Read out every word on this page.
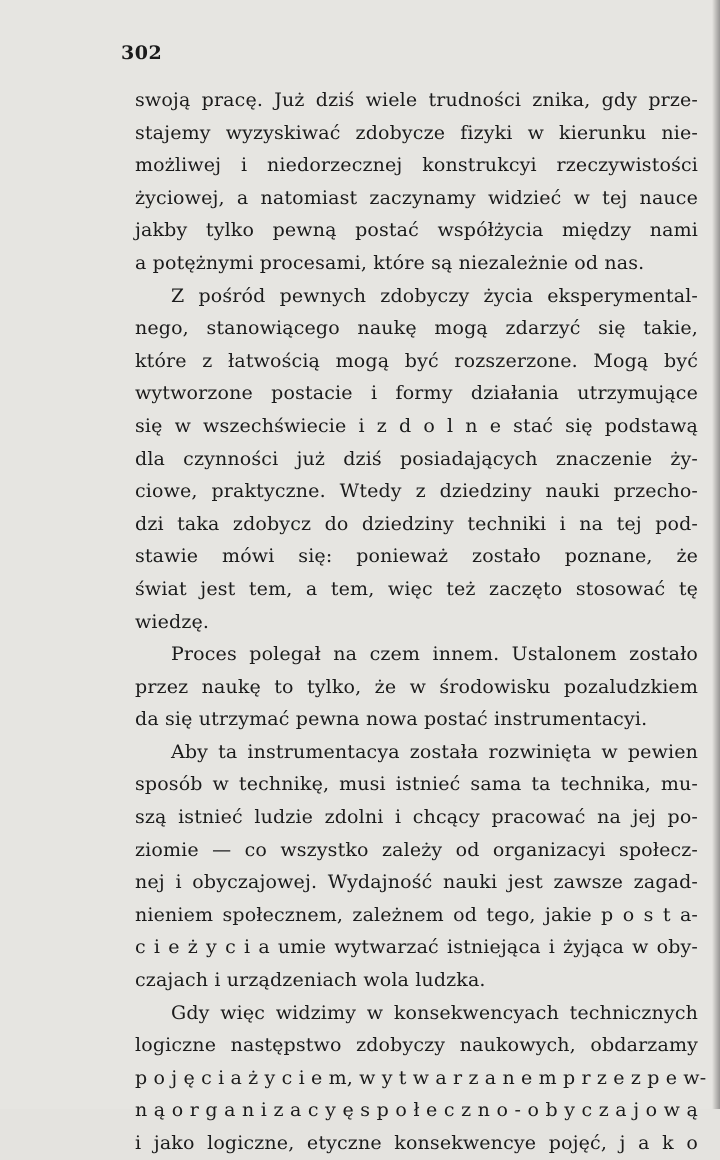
302
swoją pracę. Już dziś wiele trudności znika, gdy prze-
stajemy wyzyskiwać zdobycze fizyki w kierunku nie-
możliwej i niedorzecznej konstrukcyi rzeczywistości
życiowej, a natomiast zaczynamy widzieć w tej nauce
jakby tylko pewną postać współżycia między nami
a potężnymi procesami, które są niezależnie od nas.
Z pośród pewnych zdobyczy życia eksperymental-
nego, stanowiącego naukę mogą zdarzyć się takie,
które z łatwością mogą być rozszerzone. Mogą być
wytworzone postacie i formy działania utrzymujące
się w wszechświecie i z d o l n e stać się podstawą
dla czynności już dziś posiadających znaczenie ży-
ciowe, praktyczne. Wtedy z dziedziny nauki przecho-
dzi taka zdobycz do dziedziny techniki i na tej pod-
stawie mówi się: ponieważ zostało poznane, że
świat jest tem, a tem, więc też zaczęto stosować tę
wiedzę.
Proces polegał na czem innem. Ustalonem zostało
przez naukę to tylko, że w środowisku pozaludzkiem
da się utrzymać pewna nowa postać instrumentacyi.
Aby ta instrumentacya została rozwinięta w pewien
sposób w technikę, musi istnieć sama ta technika, mu-
szą istnieć ludzie zdolni i chcący pracować na jej po-
ziomie — co wszystko zależy od organizacyi społecz-
nej i obyczajowej. Wydajność nauki jest zawsze zagad-
nieniem społecznem, zależnem od tego, jakie p o s t a-
c i e ż y c i a umie wytwarzać istniejąca i żyjąca w oby-
czajach i urządzeniach wola ludzka.
Gdy więc widzimy w konsekwencyach technicznych
logiczne następstwo zdobyczy naukowych, obdarzamy
p o j ę c i a ż y c i e m, w y t w a r z a n e m p r z e z p e w-
n ą o r g a n i z a c y ę s p o ł e c z n o - o b y c z a j o w ą
i jako logiczne, etyczne konsekwencye pojęć, j a k o
